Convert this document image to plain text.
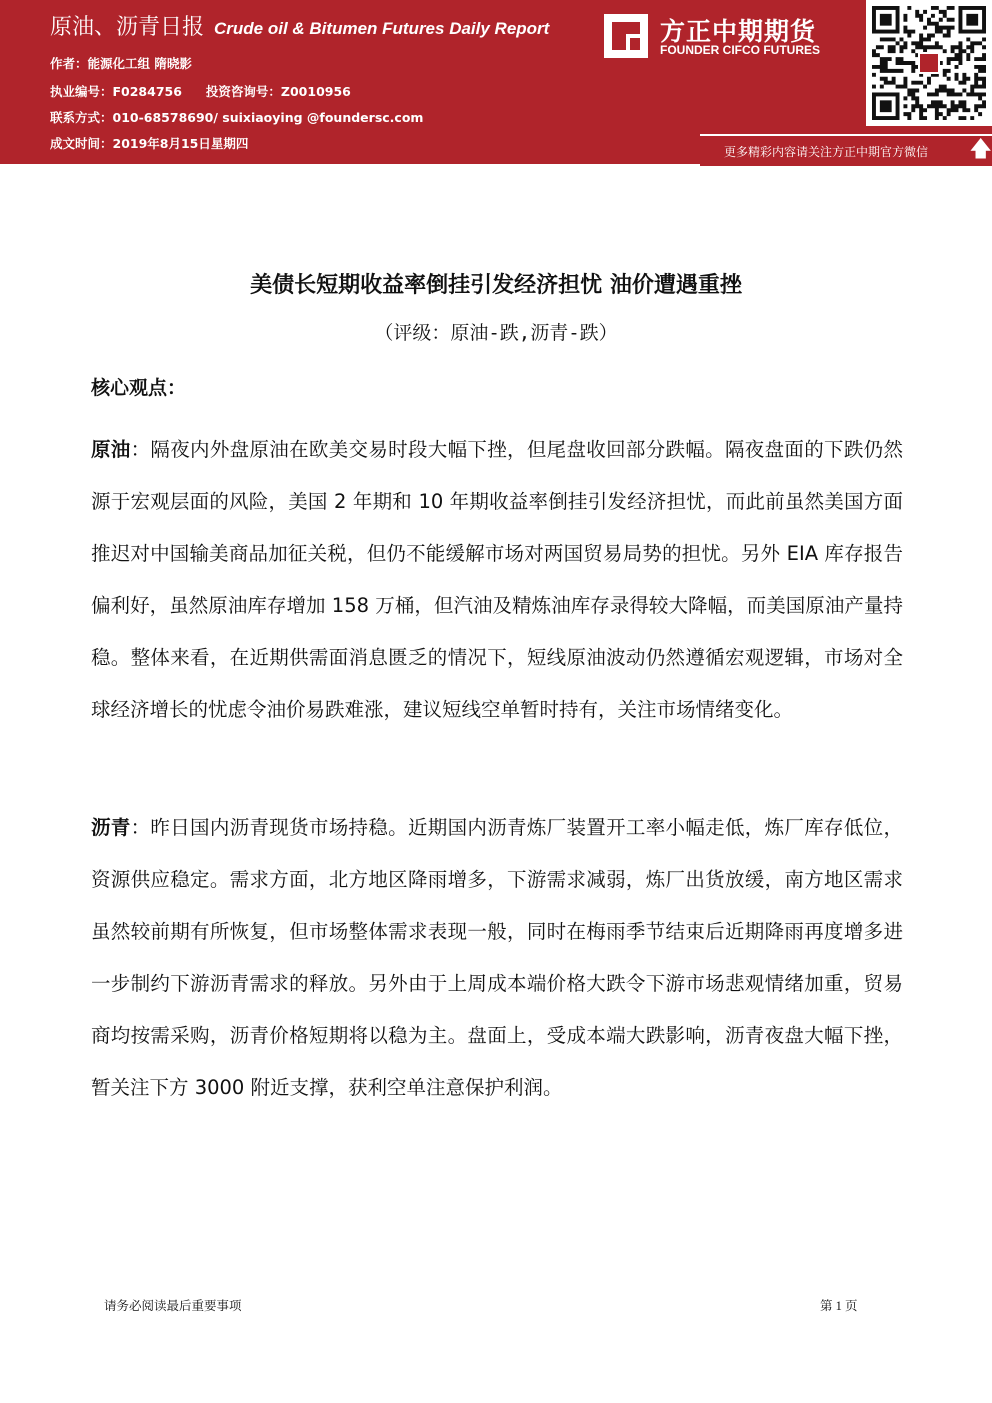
原油、沥青日报 Crude oil & Bitumen Futures Daily Report
作者：能源化工组 隋晓影
执业编号：F0284756 投资咨询号：Z0010956
联系方式：010-68578690/ suixiaoying @foundersc.com
成文时间：2019年8月15日星期四
方正中期期货
FOUNDER CIFCO FUTURES
更多精彩内容请关注方正中期官方微信 🡅
美债长短期收益率倒挂引发经济担忧 油价遭遇重挫
（评级：原油-跌,沥青-跌）
核心观点：
原油：隔夜内外盘原油在欧美交易时段大幅下挫，但尾盘收回部分跌幅。隔夜盘面的下跌仍然源于宏观层面的风险，美国 2 年期和 10 年期收益率倒挂引发经济担忧，而此前虽然美国方面推迟对中国输美商品加征关税，但仍不能缓解市场对两国贸易局势的担忧。另外 EIA 库存报告偏利好，虽然原油库存增加 158 万桶，但汽油及精炼油库存录得较大降幅，而美国原油产量持稳。整体来看，在近期供需面消息匮乏的情况下，短线原油波动仍然遵循宏观逻辑，市场对全球经济增长的忧虑令油价易跌难涨，建议短线空单暂时持有，关注市场情绪变化。
沥青：昨日国内沥青现货市场持稳。近期国内沥青炼厂装置开工率小幅走低，炼厂库存低位，资源供应稳定。需求方面，北方地区降雨增多，下游需求减弱，炼厂出货放缓，南方地区需求虽然较前期有所恢复，但市场整体需求表现一般，同时在梅雨季节结束后近期降雨再度增多进一步制约下游沥青需求的释放。另外由于上周成本端价格大跌令下游市场悲观情绪加重，贸易商均按需采购，沥青价格短期将以稳为主。盘面上，受成本端大跌影响，沥青夜盘大幅下挫，暂关注下方 3000 附近支撑，获利空单注意保护利润。
请务必阅读最后重要事项	第 1 页
